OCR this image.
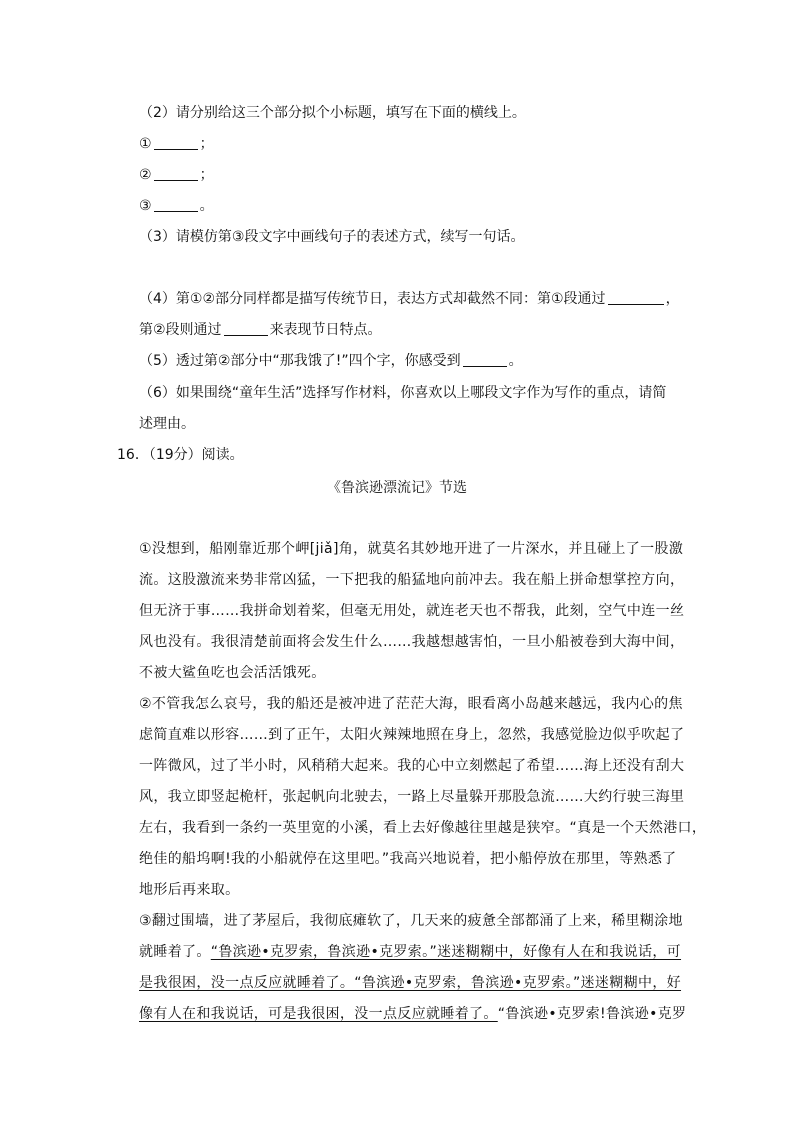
（2）请分别给这三个部分拟个小标题，填写在下面的横线上。
①	；
②	；
③	。
（3）请模仿第③段文字中画线句子的表述方式，续写一句话。
（4）第①②部分同样都是描写传统节日，表达方式却截然不同：第①段通过	，
第②段则通过	来表现节日特点。
（5）透过第②部分中“那我饿了!”四个字，你感受到	。
（6）如果围绕“童年生活”选择写作材料，你喜欢以上哪段文字作为写作的重点，请简
述理由。
16．（19分）阅读。
《鲁滨逊漂流记》节选
①没想到，船刚靠近那个岬[jiǎ]角，就莫名其妙地开进了一片深水，并且碰上了一股激
流。这股激流来势非常凶猛，一下把我的船猛地向前冲去。我在船上拼命想掌控方向，
但无济于事……我拼命划着桨，但毫无用处，就连老天也不帮我，此刻，空气中连一丝
风也没有。我很清楚前面将会发生什么……我越想越害怕，一旦小船被卷到大海中间，
不被大鲨鱼吃也会活活饿死。
②不管我怎么哀号，我的船还是被冲进了茫茫大海，眼看离小岛越来越远，我内心的焦
虑简直难以形容……到了正午，太阳火辣辣地照在身上，忽然，我感觉脸边似乎吹起了
一阵微风，过了半小时，风稍稍大起来。我的心中立刻燃起了希望……海上还没有刮大
风，我立即竖起桅杆，张起帆向北驶去，一路上尽量躲开那股急流……大约行驶三海里
左右，我看到一条约一英里宽的小溪，看上去好像越往里越是狭窄。“真是一个天然港口，
绝佳的船坞啊!我的小船就停在这里吧。”我高兴地说着，把小船停放在那里，等熟悉了
地形后再来取。
③翻过围墙，进了茅屋后，我彻底瘫软了，几天来的疲惫全部都涌了上来，稀里糊涂地
就睡着了。“鲁滨逊•克罗索，鲁滨逊•克罗索。”迷迷糊糊中，好像有人在和我说话，可
是我很困，没一点反应就睡着了。“鲁滨逊•克罗索，鲁滨逊•克罗索。”迷迷糊糊中，好
像有人在和我说话，可是我很困，没一点反应就睡着了。“鲁滨逊•克罗索!鲁滨逊•克罗
